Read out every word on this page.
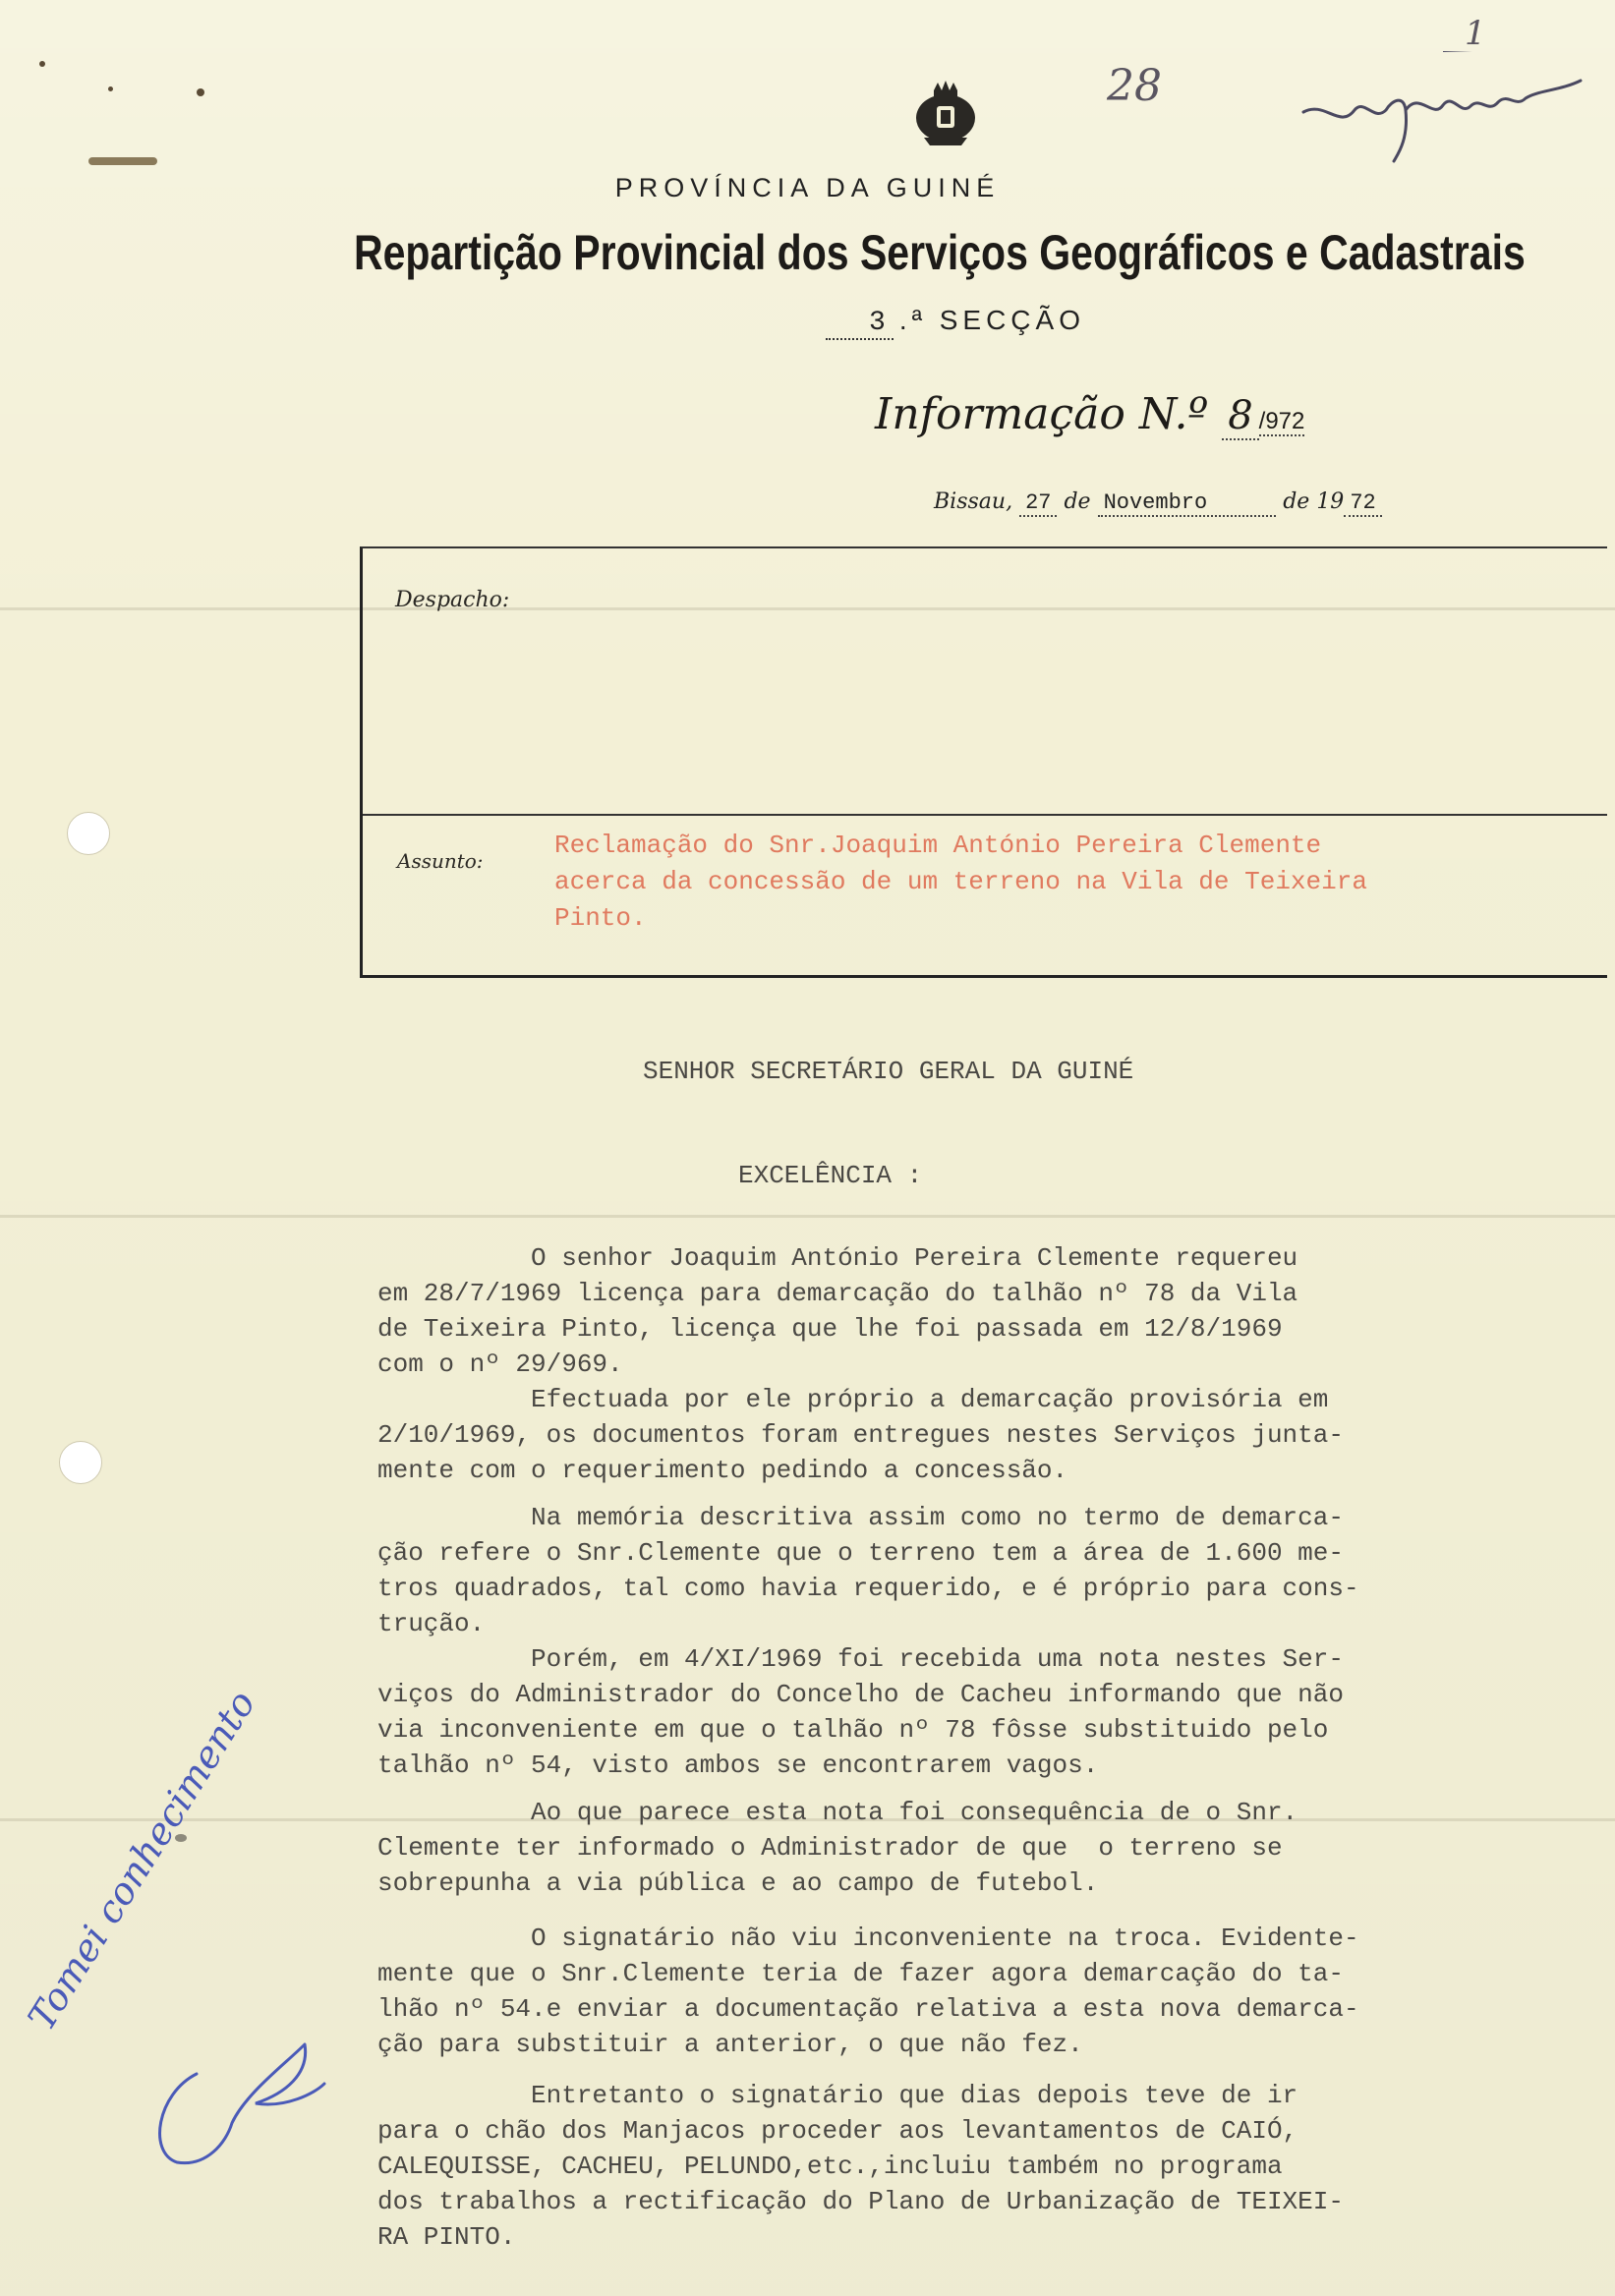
28
1
PROVÍNCIA DA GUINÉ
Repartição Provincial dos Serviços Geográficos e Cadastrais
3 .ª SECÇÃO
Informação N.º 8 /972
Bissau, 27 de Novembro	de 19 72
Despacho:
Assunto:
Reclamação do Snr.Joaquim António Pereira Clemente
acerca da concessão de um terreno na Vila de Teixeira
Pinto.
SENHOR SECRETÁRIO GERAL DA GUINÉ
EXCELÊNCIA :
O senhor Joaquim António Pereira Clemente requereu
em 28/7/1969 licença para demarcação do talhão nº 78 da Vila
de Teixeira Pinto, licença que lhe foi passada em 12/8/1969
com o nº 29/969.
Efectuada por ele próprio a demarcação provisória em
2/10/1969, os documentos foram entregues nestes Serviços junta-
mente com o requerimento pedindo a concessão.
Na memória descritiva assim como no termo de demarca-
ção refere o Snr.Clemente que o terreno tem a área de 1.600 me-
tros quadrados, tal como havia requerido, e é próprio para cons-
trução.
Porém, em 4/XI/1969 foi recebida uma nota nestes Ser-
viços do Administrador do Concelho de Cacheu informando que não
via inconveniente em que o talhão nº 78 fôsse substituido pelo
talhão nº 54, visto ambos se encontrarem vagos.
Ao que parece esta nota foi consequência de o Snr.
Clemente ter informado o Administrador de que  o terreno se
sobrepunha a via pública e ao campo de futebol.
O signatário não viu inconveniente na troca. Evidente-
mente que o Snr.Clemente teria de fazer agora demarcação do ta-
lhão nº 54.e enviar a documentação relativa a esta nova demarca-
ção para substituir a anterior, o que não fez.
Entretanto o signatário que dias depois teve de ir
para o chão dos Manjacos proceder aos levantamentos de CAIÓ,
CALEQUISSE, CACHEU, PELUNDO,etc.,incluiu também no programa
dos trabalhos a rectificação do Plano de Urbanização de TEIXEI-
RA PINTO.
Tomei conhecimento
